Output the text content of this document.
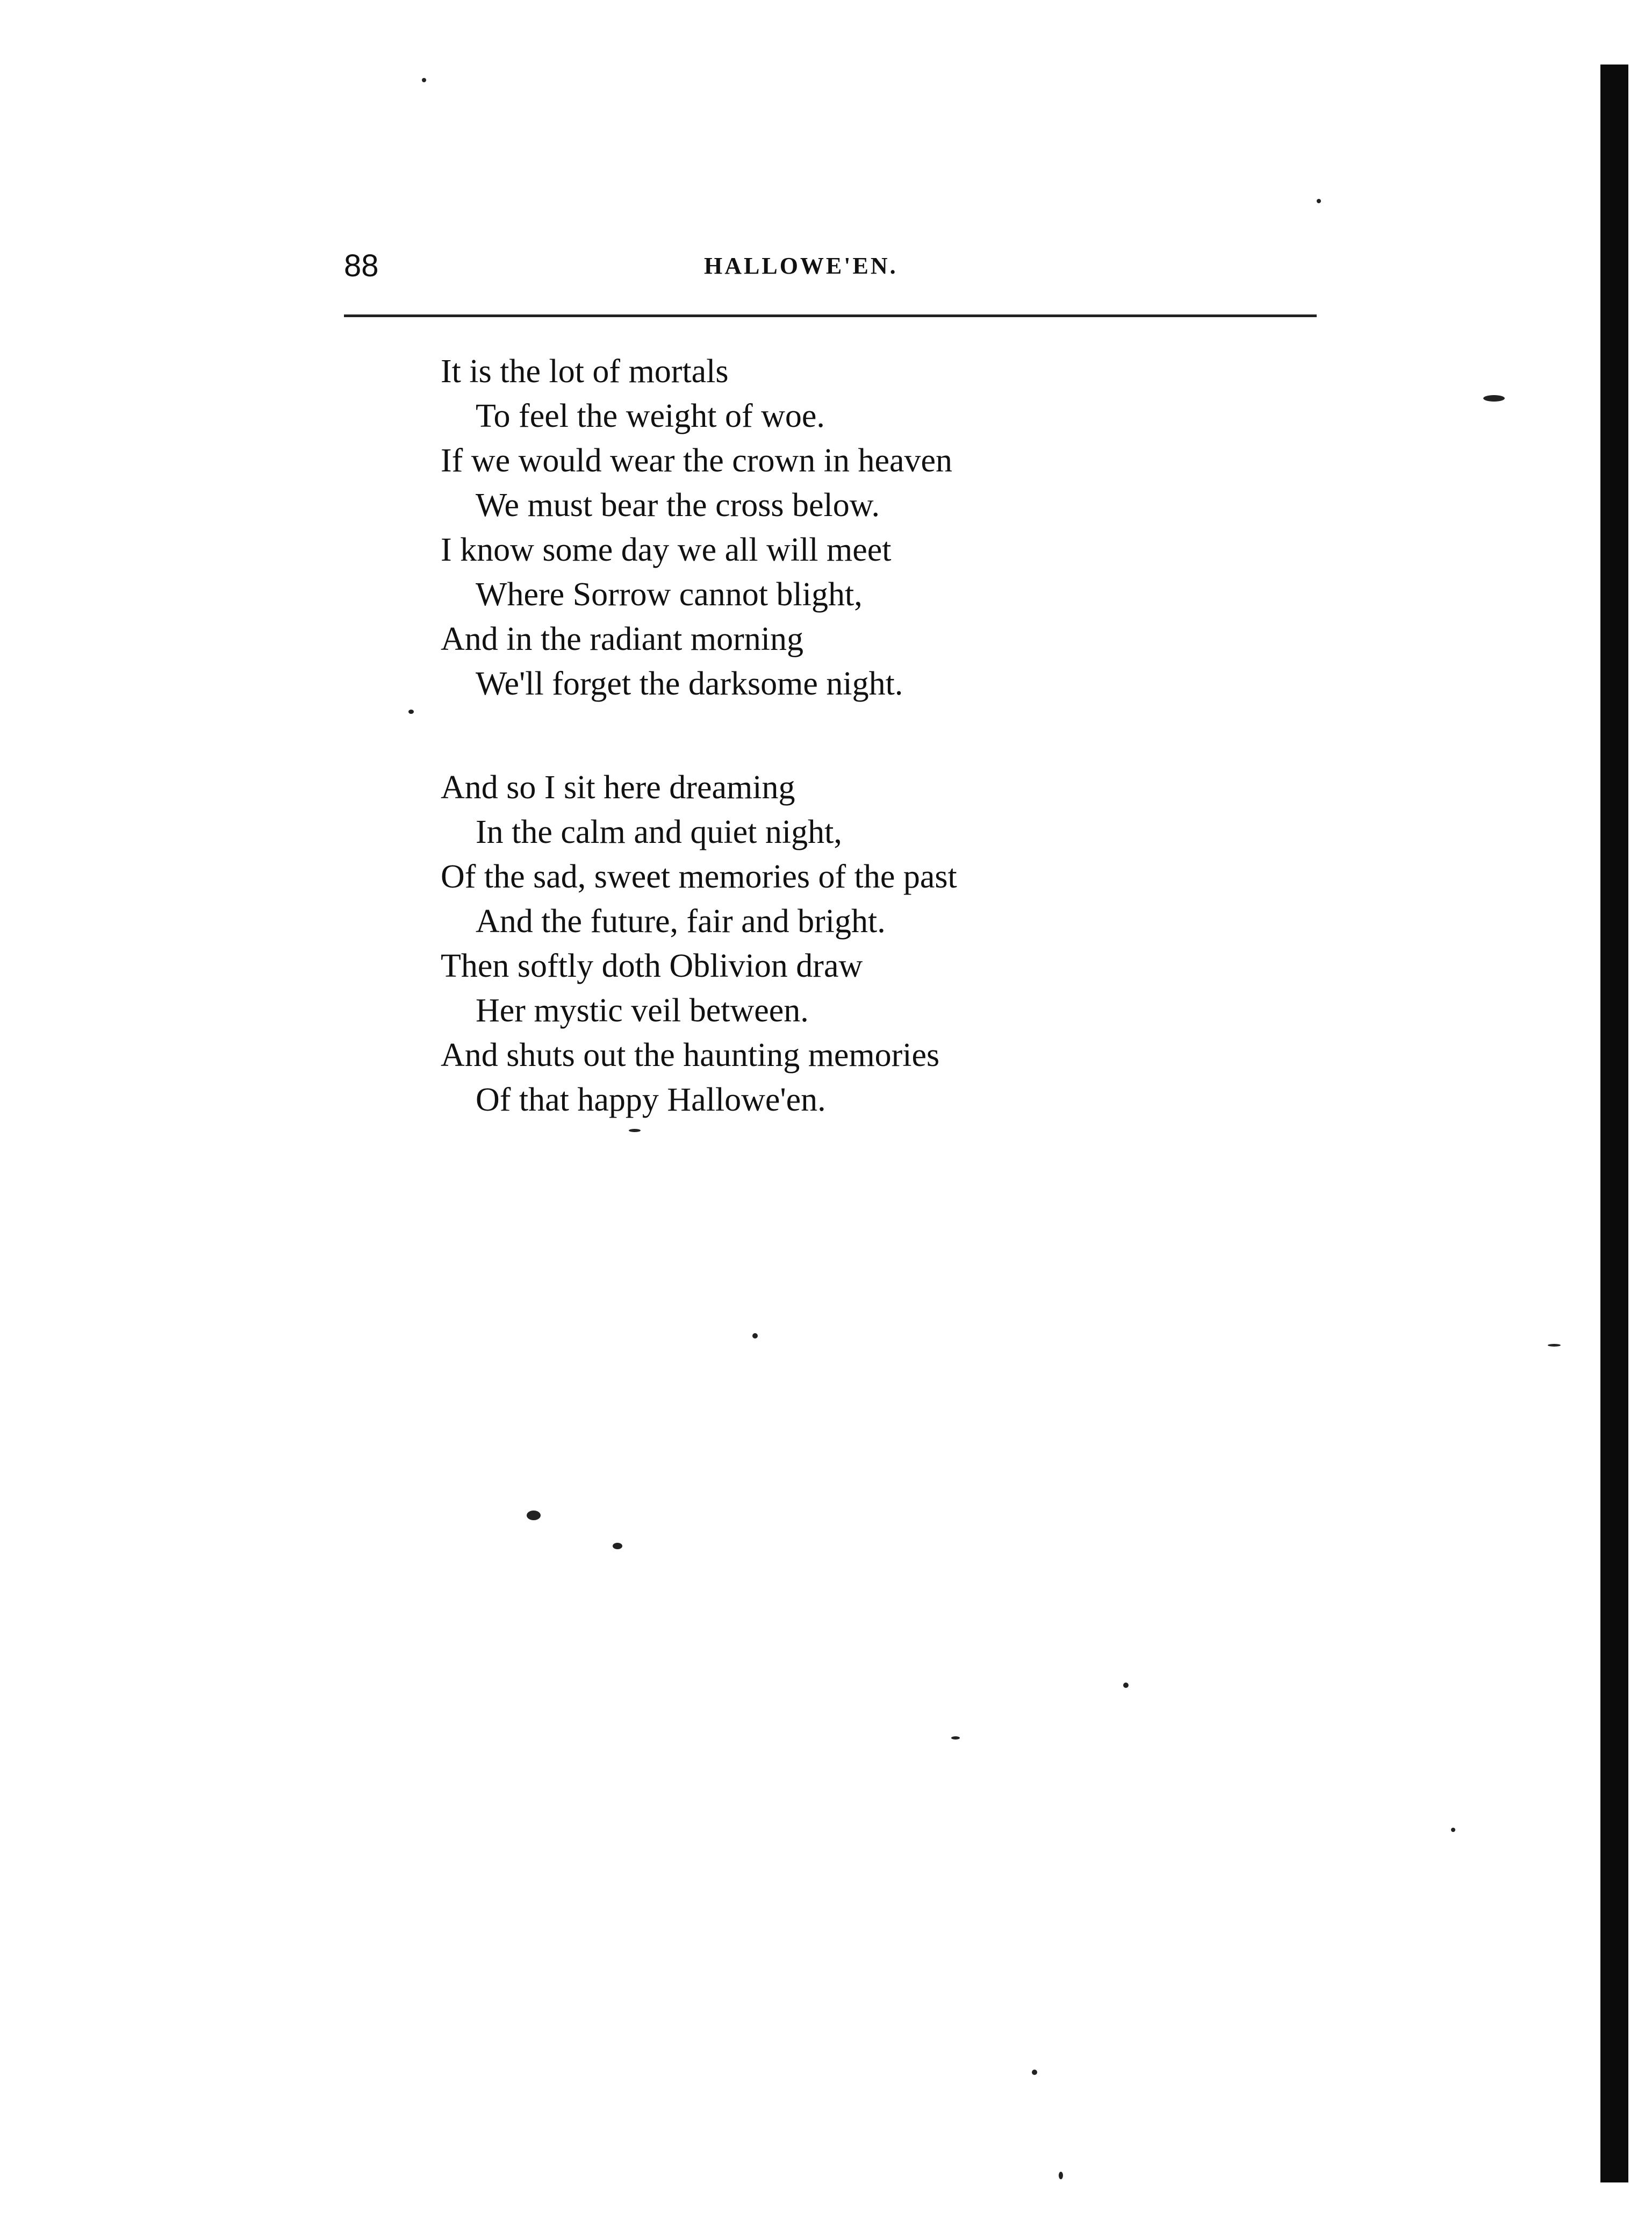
88	HALLOWE'EN.
It is the lot of mortals
To feel the weight of woe.
If we would wear the crown in heaven
We must bear the cross below.
I know some day we all will meet
Where Sorrow cannot blight,
And in the radiant morning
We'll forget the darksome night.
And so I sit here dreaming
In the calm and quiet night,
Of the sad, sweet memories of the past
And the future, fair and bright.
Then softly doth Oblivion draw
Her mystic veil between.
And shuts out the haunting memories
Of that happy Hallowe'en.
